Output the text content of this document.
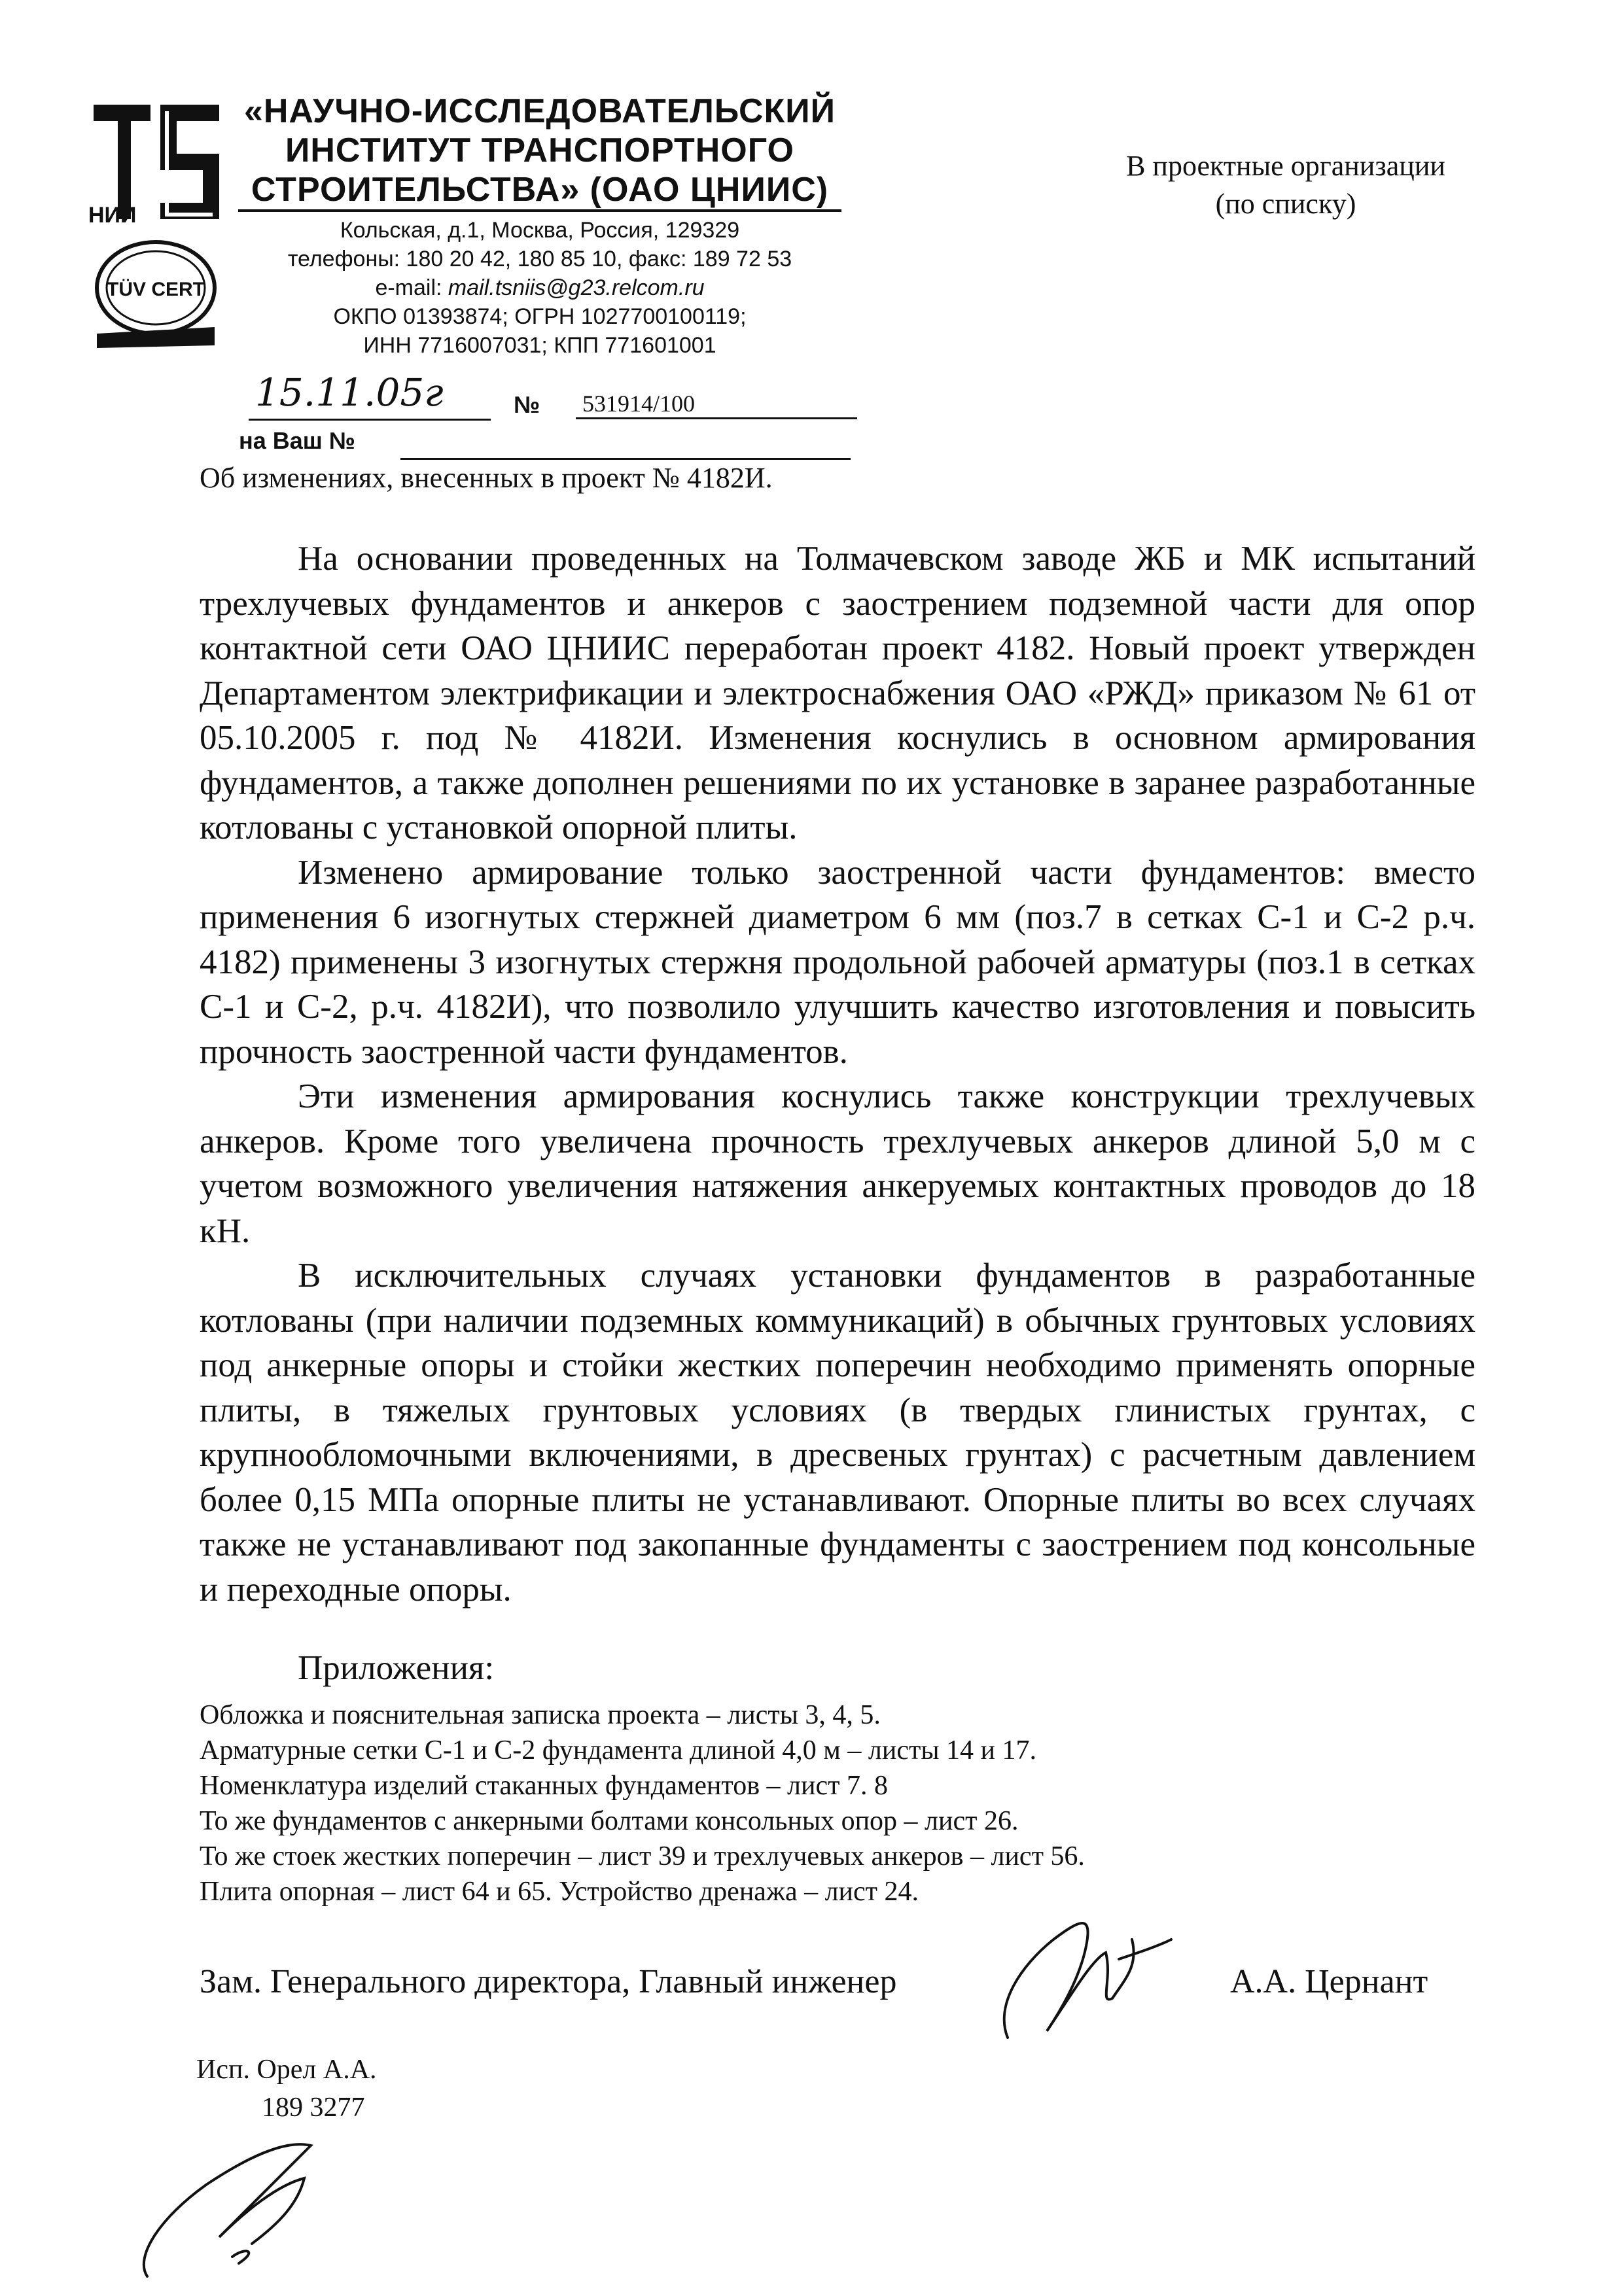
НИИ
TÜV CERT
«НАУЧНО-ИССЛЕДОВАТЕЛЬСКИЙ
ИНСТИТУТ ТРАНСПОРТНОГО
СТРОИТЕЛЬСТВА» (ОАО ЦНИИС)
Кольская, д.1, Москва, Россия, 129329
телефоны: 180 20 42, 180 85 10, факс: 189 72 53
e-mail: mail.tsniis@g23.relcom.ru
ОКПО 01393874; ОГРН 1027700100119;
ИНН 7716007031; КПП 771601001
В проектные организации
(по списку)
15.11.05г	№ 531914/100
на Ваш №
Об изменениях, внесенных в проект № 4182И.

На основании проведенных на Толмачевском заводе ЖБ и МК испытаний трехлучевых фундаментов и анкеров с заострением подземной части для опор контактной сети ОАО ЦНИИС переработан проект 4182. Новый проект утвержден Департаментом электрификации и электроснабжения ОАО «РЖД» приказом № 61 от 05.10.2005 г. под № 4182И. Изменения коснулись в основном армирования фундаментов, а также дополнен решениями по их установке в заранее разработанные котлованы с установкой опорной плиты.

Изменено армирование только заостренной части фундаментов: вместо применения 6 изогнутых стержней диаметром 6 мм (поз.7 в сетках С-1 и С-2 р.ч. 4182) применены 3 изогнутых стержня продольной рабочей арматуры (поз.1 в сетках С-1 и С-2, р.ч. 4182И), что позволило улучшить качество изготовления и повысить прочность заостренной части фундаментов.

Эти изменения армирования коснулись также конструкции трехлучевых анкеров. Кроме того увеличена прочность трехлучевых анкеров длиной 5,0 м с учетом возможного увеличения натяжения анкеруемых контактных проводов до 18 кН.

В исключительных случаях установки фундаментов в разработанные котлованы (при наличии подземных коммуникаций) в обычных грунтовых условиях под анкерные опоры и стойки жестких поперечин необходимо применять опорные плиты, в тяжелых грунтовых условиях (в твердых глинистых грунтах, с крупнообломочными включениями, в дресвеных грунтах) с расчетным давлением более 0,15 МПа опорные плиты не устанавливают. Опорные плиты во всех случаях также не устанавливают под закопанные фундаменты с заострением под консольные и переходные опоры.

Приложения:
Обложка и пояснительная записка проекта – листы 3, 4, 5.
Арматурные сетки С-1 и С-2 фундамента длиной 4,0 м – листы 14 и 17.
Номенклатура изделий стаканных фундаментов – лист 7. 8
То же фундаментов с анкерными болтами консольных опор – лист 26.
То же стоек жестких поперечин – лист 39 и трехлучевых анкеров – лист 56.
Плита опорная – лист 64 и 65. Устройство дренажа – лист 24.
Зам. Генерального директора, Главный инженер	А.А. Цернант
Исп. Орел А.А.
189 3277
